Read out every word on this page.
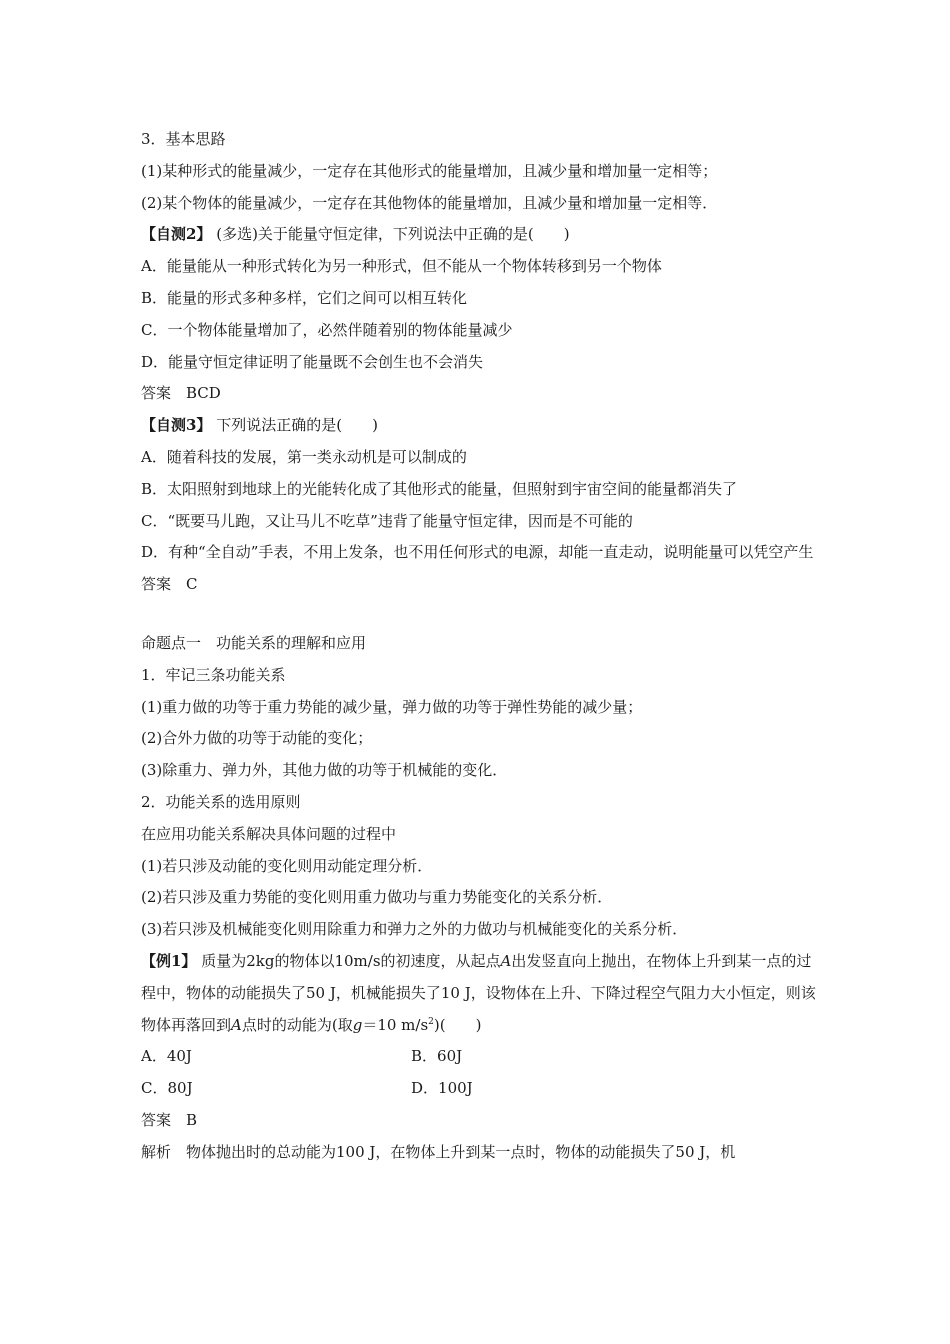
3．基本思路
(1)某种形式的能量减少，一定存在其他形式的能量增加，且减少量和增加量一定相等；
(2)某个物体的能量减少，一定存在其他物体的能量增加，且减少量和增加量一定相等．
【自测2】 (多选)关于能量守恒定律，下列说法中正确的是(　　)
A．能量能从一种形式转化为另一种形式，但不能从一个物体转移到另一个物体
B．能量的形式多种多样，它们之间可以相互转化
C．一个物体能量增加了，必然伴随着别的物体能量减少
D．能量守恒定律证明了能量既不会创生也不会消失
答案　BCD
【自测3】 下列说法正确的是(　　)
A．随着科技的发展，第一类永动机是可以制成的
B．太阳照射到地球上的光能转化成了其他形式的能量，但照射到宇宙空间的能量都消失了
C．“既要马儿跑，又让马儿不吃草”违背了能量守恒定律，因而是不可能的
D．有种“全自动”手表，不用上发条，也不用任何形式的电源，却能一直走动，说明能量可以凭空产生
答案　C
命题点一　功能关系的理解和应用
1．牢记三条功能关系
(1)重力做的功等于重力势能的减少量，弹力做的功等于弹性势能的减少量；
(2)合外力做的功等于动能的变化；
(3)除重力、弹力外，其他力做的功等于机械能的变化．
2．功能关系的选用原则
在应用功能关系解决具体问题的过程中
(1)若只涉及动能的变化则用动能定理分析．
(2)若只涉及重力势能的变化则用重力做功与重力势能变化的关系分析．
(3)若只涉及机械能变化则用除重力和弹力之外的力做功与机械能变化的关系分析．
【例1】 质量为2kg的物体以10m/s的初速度，从起点A出发竖直向上抛出，在物体上升到某一点的过程中，物体的动能损失了50 J，机械能损失了10 J，设物体在上升、下降过程空气阻力大小恒定，则该物体再落回到A点时的动能为(取g＝10 $m/s^2$)(　　)
A．40J	B．60J
C．80J	D．100J
答案　B
解析　物体抛出时的总动能为100 J，在物体上升到某一点时，物体的动能损失了50 J，机
